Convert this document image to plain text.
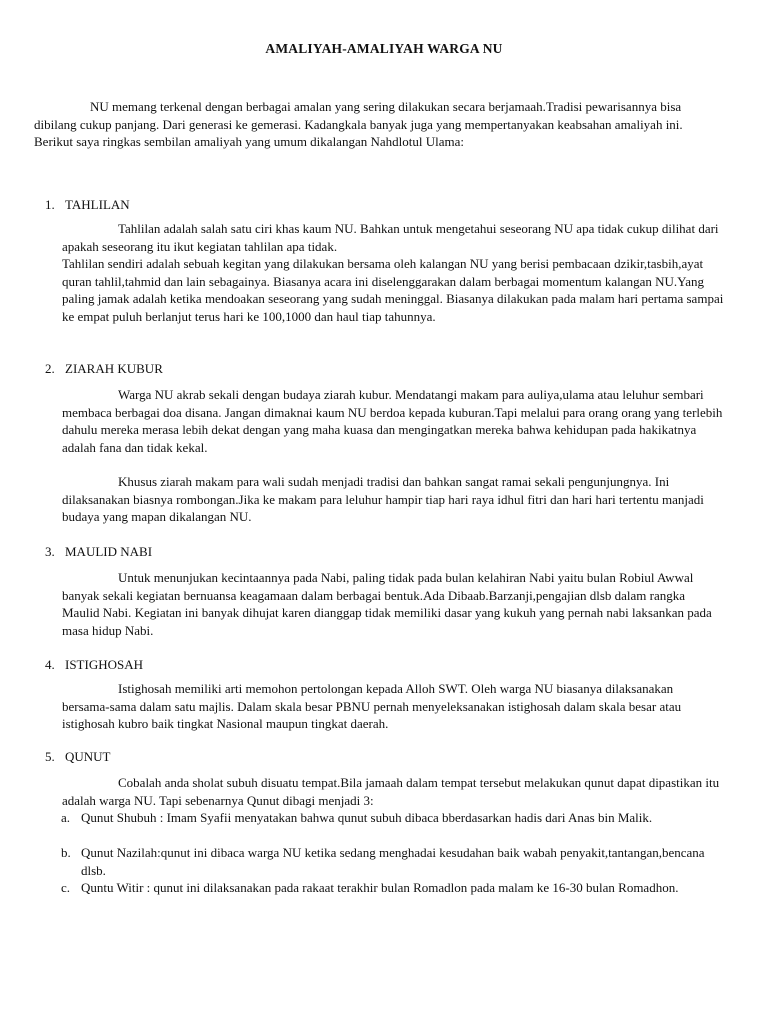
AMALIYAH-AMALIYAH WARGA NU

NU memang terkenal dengan berbagai amalan yang sering dilakukan secara berjamaah.Tradisi pewarisannya bisa dibilang cukup panjang. Dari generasi ke gemerasi. Kadangkala banyak juga yang mempertanyakan keabsahan amaliyah ini. Berikut saya ringkas sembilan amaliyah yang umum dikalangan Nahdlotul Ulama:

1. TAHLILAN

Tahlilan adalah salah satu ciri khas kaum NU. Bahkan untuk mengetahui seseorang NU apa tidak cukup dilihat dari apakah seseorang itu ikut kegiatan tahlilan apa tidak.

Tahlilan sendiri adalah sebuah kegitan yang dilakukan bersama oleh kalangan NU yang berisi pembacaan dzikir,tasbih,ayat quran tahlil,tahmid dan lain sebagainya. Biasanya acara ini diselenggarakan dalam berbagai momentum kalangan NU.Yang paling jamak adalah ketika mendoakan seseorang yang sudah meninggal. Biasanya dilakukan pada malam hari pertama sampai ke empat puluh berlanjut terus hari ke 100,1000 dan haul tiap tahunnya.

2. ZIARAH KUBUR

Warga NU akrab sekali dengan budaya ziarah kubur. Mendatangi makam para auliya,ulama atau leluhur sembari membaca berbagai doa disana. Jangan dimaknai kaum NU berdoa kepada kuburan.Tapi melalui para orang orang yang terlebih dahulu mereka merasa lebih dekat dengan yang maha kuasa dan mengingatkan mereka bahwa kehidupan pada hakikatnya adalah fana dan tidak kekal.

Khusus ziarah makam para wali sudah menjadi tradisi dan bahkan sangat ramai sekali pengunjungnya. Ini dilaksanakan biasnya rombongan.Jika ke makam para leluhur hampir tiap hari raya idhul fitri dan hari hari tertentu manjadi budaya yang mapan dikalangan NU.

3. MAULID NABI

Untuk menunjukan kecintaannya pada Nabi, paling tidak pada bulan kelahiran Nabi yaitu bulan Robiul Awwal banyak sekali kegiatan bernuansa keagamaan dalam berbagai bentuk.Ada Dibaab.Barzanji,pengajian dlsb dalam rangka Maulid Nabi. Kegiatan ini banyak dihujat karen dianggap tidak memiliki dasar yang kukuh yang pernah nabi laksankan pada masa hidup Nabi.

4. ISTIGHOSAH

Istighosah memiliki arti memohon pertolongan kepada Alloh SWT. Oleh warga NU biasanya dilaksanakan bersama-sama dalam satu majlis. Dalam skala besar PBNU pernah menyeleksanakan istighosah dalam skala besar atau istighosah kubro baik tingkat Nasional maupun tingkat daerah.

5. QUNUT

Cobalah anda sholat subuh disuatu tempat.Bila jamaah dalam tempat tersebut melakukan qunut dapat dipastikan itu adalah warga NU. Tapi sebenarnya Qunut dibagi menjadi 3:

a. Qunut Shubuh : Imam Syafii menyatakan bahwa qunut subuh dibaca bberdasarkan hadis dari Anas bin Malik.
b. Qunut Nazilah:qunut ini dibaca warga NU ketika sedang menghadai kesudahan baik wabah penyakit,tantangan,bencana dlsb.
c. Quntu Witir : qunut ini dilaksanakan pada rakaat terakhir bulan Romadlon pada malam ke 16-30 bulan Romadhon.
